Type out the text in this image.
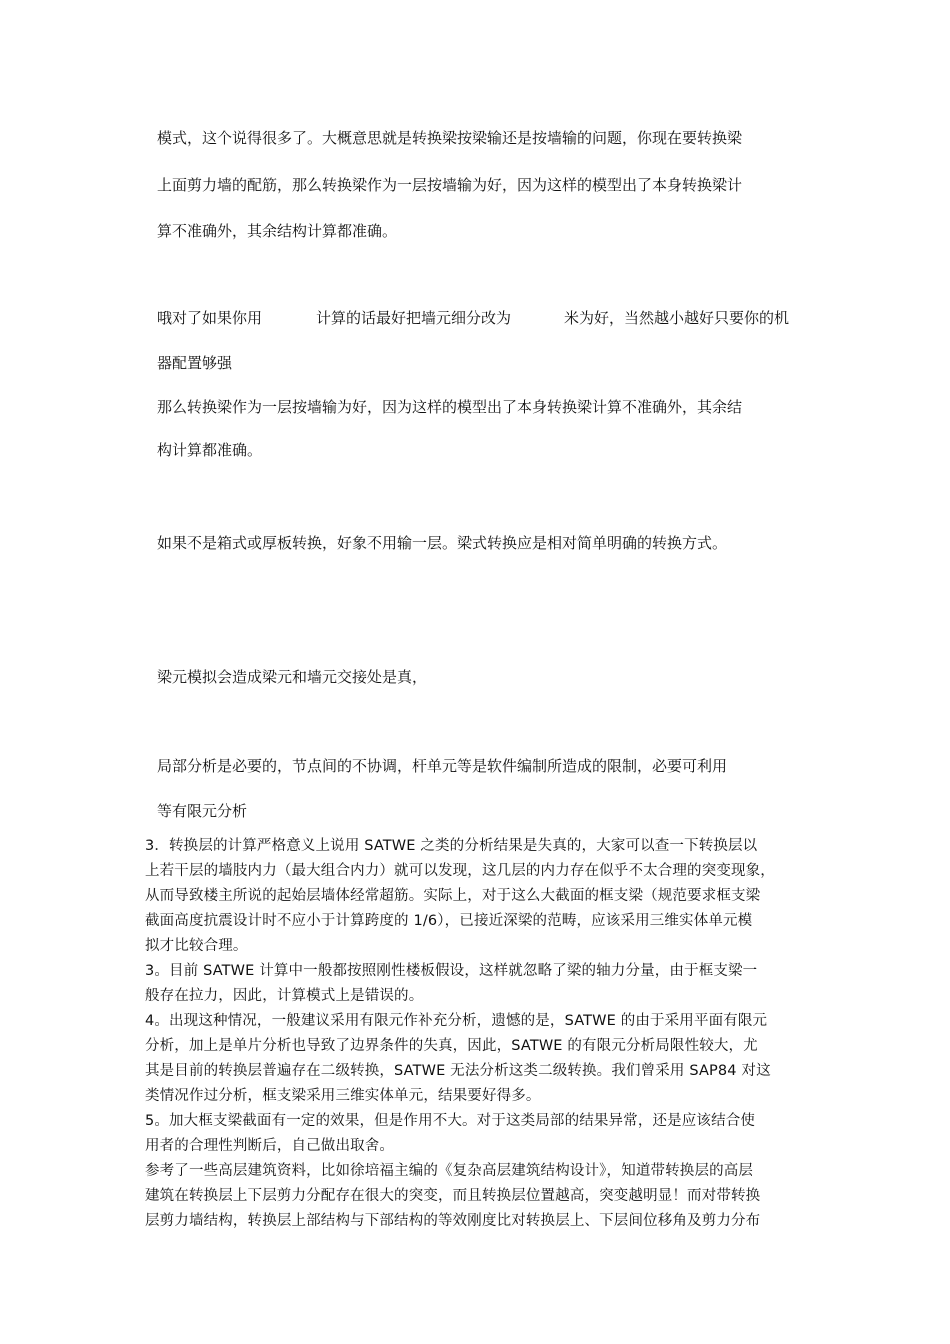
模式，这个说得很多了。大概意思就是转换梁按梁输还是按墙输的问题，你现在要转换梁
上面剪力墙的配筋，那么转换梁作为一层按墙输为好，因为这样的模型出了本身转换梁计
算不准确外，其余结构计算都准确。
哦对了如果你用	计算的话最好把墙元细分改为	米为好，当然越小越好只要你的机
器配置够强
那么转换梁作为一层按墙输为好，因为这样的模型出了本身转换梁计算不准确外，其余结
构计算都准确。
如果不是箱式或厚板转换，好象不用输一层。梁式转换应是相对简单明确的转换方式。
梁元模拟会造成梁元和墙元交接处是真，
局部分析是必要的，节点间的不协调，杆单元等是软件编制所造成的限制，必要可利用
等有限元分析
3．转换层的计算严格意义上说用 SATWE 之类的分析结果是失真的，大家可以查一下转换层以
上若干层的墙肢内力（最大组合内力）就可以发现，这几层的内力存在似乎不太合理的突变现象，
从而导致楼主所说的起始层墙体经常超筋。实际上，对于这么大截面的框支梁（规范要求框支梁
截面高度抗震设计时不应小于计算跨度的 1/6），已接近深梁的范畴，应该采用三维实体单元模
拟才比较合理。
3。目前 SATWE 计算中一般都按照刚性楼板假设，这样就忽略了梁的轴力分量，由于框支梁一
般存在拉力，因此，计算模式上是错误的。
4。出现这种情况，一般建议采用有限元作补充分析，遗憾的是，SATWE 的由于采用平面有限元
分析，加上是单片分析也导致了边界条件的失真，因此，SATWE 的有限元分析局限性较大，尤
其是目前的转换层普遍存在二级转换，SATWE 无法分析这类二级转换。我们曾采用 SAP84 对这
类情况作过分析，框支梁采用三维实体单元，结果要好得多。
5。加大框支梁截面有一定的效果，但是作用不大。对于这类局部的结果异常，还是应该结合使
用者的合理性判断后，自己做出取舍。
参考了一些高层建筑资料，比如徐培福主编的《复杂高层建筑结构设计》，知道带转换层的高层
建筑在转换层上下层剪力分配存在很大的突变，而且转换层位置越高，突变越明显！而对带转换
层剪力墙结构，转换层上部结构与下部结构的等效刚度比对转换层上、下层间位移角及剪力分布
